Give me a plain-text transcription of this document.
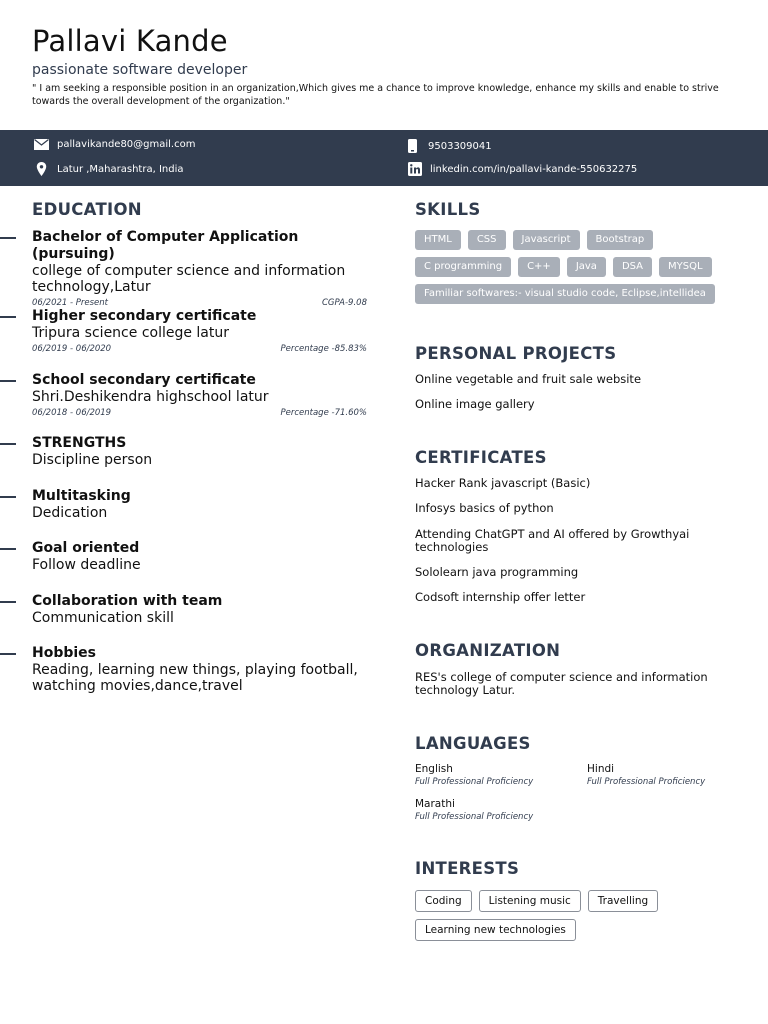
Pallavi Kande
passionate software developer
" I am seeking a responsible position in an organization,Which gives me a chance to improve knowledge, enhance my skills and enable to strive towards the overall development of the organization."
pallavikande80@gmail.com	9503309041
Latur ,Maharashtra, India	linkedin.com/in/pallavi-kande-550632275
EDUCATION
Bachelor of Computer Application (pursuing)
college of computer science and information technology,Latur
06/2021 - Present	CGPA-9.08
Higher secondary certificate
Tripura science college latur
06/2019 - 06/2020	Percentage -85.83%
School secondary certificate
Shri.Deshikendra highschool latur
06/2018 - 06/2019	Percentage -71.60%
STRENGTHS
Discipline person
Multitasking
Dedication
Goal oriented
Follow deadline
Collaboration with team
Communication skill
Hobbies
Reading, learning new things, playing football, watching movies,dance,travel
SKILLS
HTML	CSS	Javascript	Bootstrap
C programming	C++	Java	DSA	MYSQL
Familiar softwares:- visual studio code, Eclipse,intellidea
PERSONAL PROJECTS
Online vegetable and fruit sale website
Online image gallery
CERTIFICATES
Hacker Rank javascript (Basic)
Infosys basics of python
Attending ChatGPT and AI offered by Growthyai technologies
Sololearn java programming
Codsoft internship offer letter
ORGANIZATION
RES's college of computer science and information technology Latur.
LANGUAGES
English
Full Professional Proficiency
Hindi
Full Professional Proficiency
Marathi
Full Professional Proficiency
INTERESTS
Coding	Listening music	Travelling
Learning new technologies
